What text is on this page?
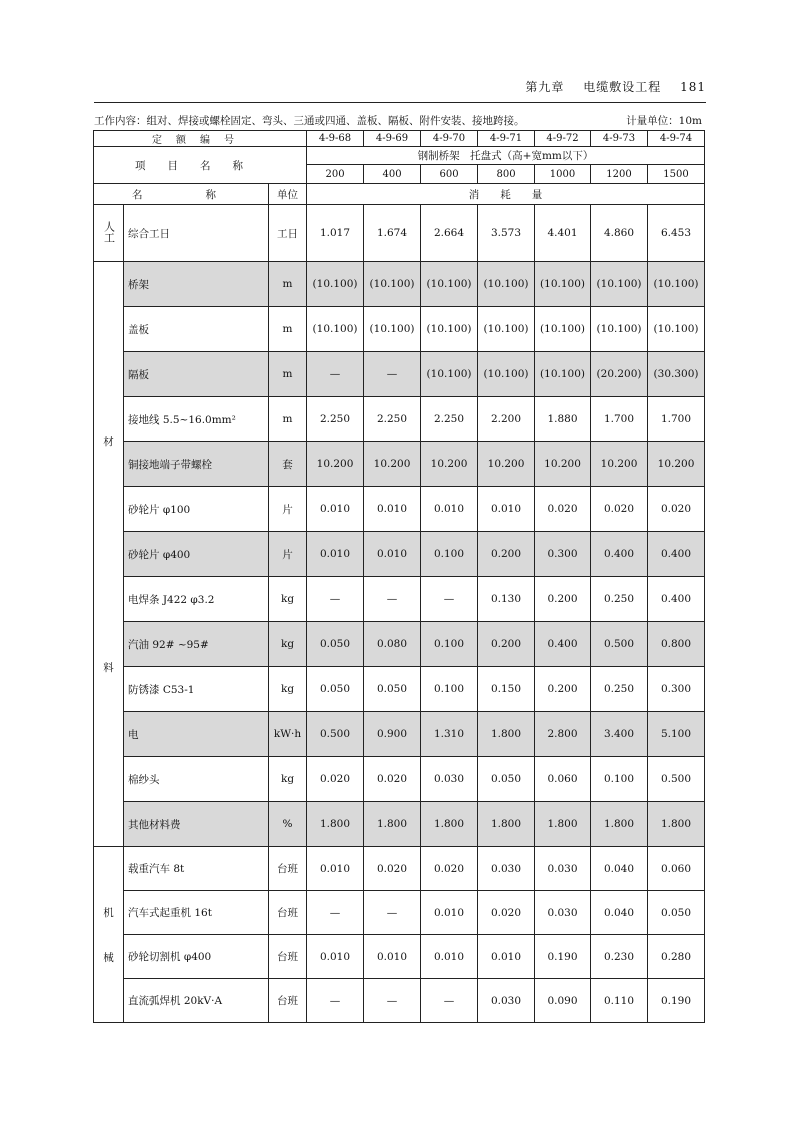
第九章 电缆敷设工程 181
工作内容：组对、焊接或螺栓固定、弯头、三通或四通、盖板、隔板、附件安装、接地跨接。	计量单位：10m
定额编号			4-9-68	4-9-69	4-9-70	4-9-71	4-9-72	4-9-73	4-9-74
项目名称			钢制桥架　托盘式（高+宽mm以下）						
			200	400	600	800	1000	1200	1500
名　　称		单位	消　　耗　　量						
人工	综合工日	工日	1.017	1.674	2.664	3.573	4.401	4.860	6.453

材
料	桥架	m	(10.100)	(10.100)	(10.100)	(10.100)	(10.100)	(10.100)	(10.100)
	盖板	m	(10.100)	(10.100)	(10.100)	(10.100)	(10.100)	(10.100)	(10.100)
	隔板	m	—	—	(10.100)	(10.100)	(10.100)	(20.200)	(30.300)
	接地线 5.5~16.0mm²	m	2.250	2.250	2.250	2.200	1.880	1.700	1.700
	铜接地端子带螺栓	套	10.200	10.200	10.200	10.200	10.200	10.200	10.200
	砂轮片 φ100	片	0.010	0.010	0.010	0.010	0.020	0.020	0.020
	砂轮片 φ400	片	0.010	0.010	0.100	0.200	0.300	0.400	0.400
	电焊条 J422 φ3.2	kg	—	—	—	0.130	0.200	0.250	0.400
	汽油 92# ~95#	kg	0.050	0.080	0.100	0.200	0.400	0.500	0.800
	防锈漆 C53-1	kg	0.050	0.050	0.100	0.150	0.200	0.250	0.300
	电	kW·h	0.500	0.900	1.310	1.800	2.800	3.400	5.100
	棉纱头	kg	0.020	0.020	0.030	0.050	0.060	0.100	0.500
	其他材料费	%	1.800	1.800	1.800	1.800	1.800	1.800	1.800

机
械	载重汽车 8t	台班	0.010	0.020	0.020	0.030	0.030	0.040	0.060
	汽车式起重机 16t	台班	—	—	0.010	0.020	0.030	0.040	0.050
	砂轮切割机 φ400	台班	0.010	0.010	0.010	0.010	0.190	0.230	0.280
	直流弧焊机 20kV·A	台班	—	—	—	0.030	0.090	0.110	0.190
